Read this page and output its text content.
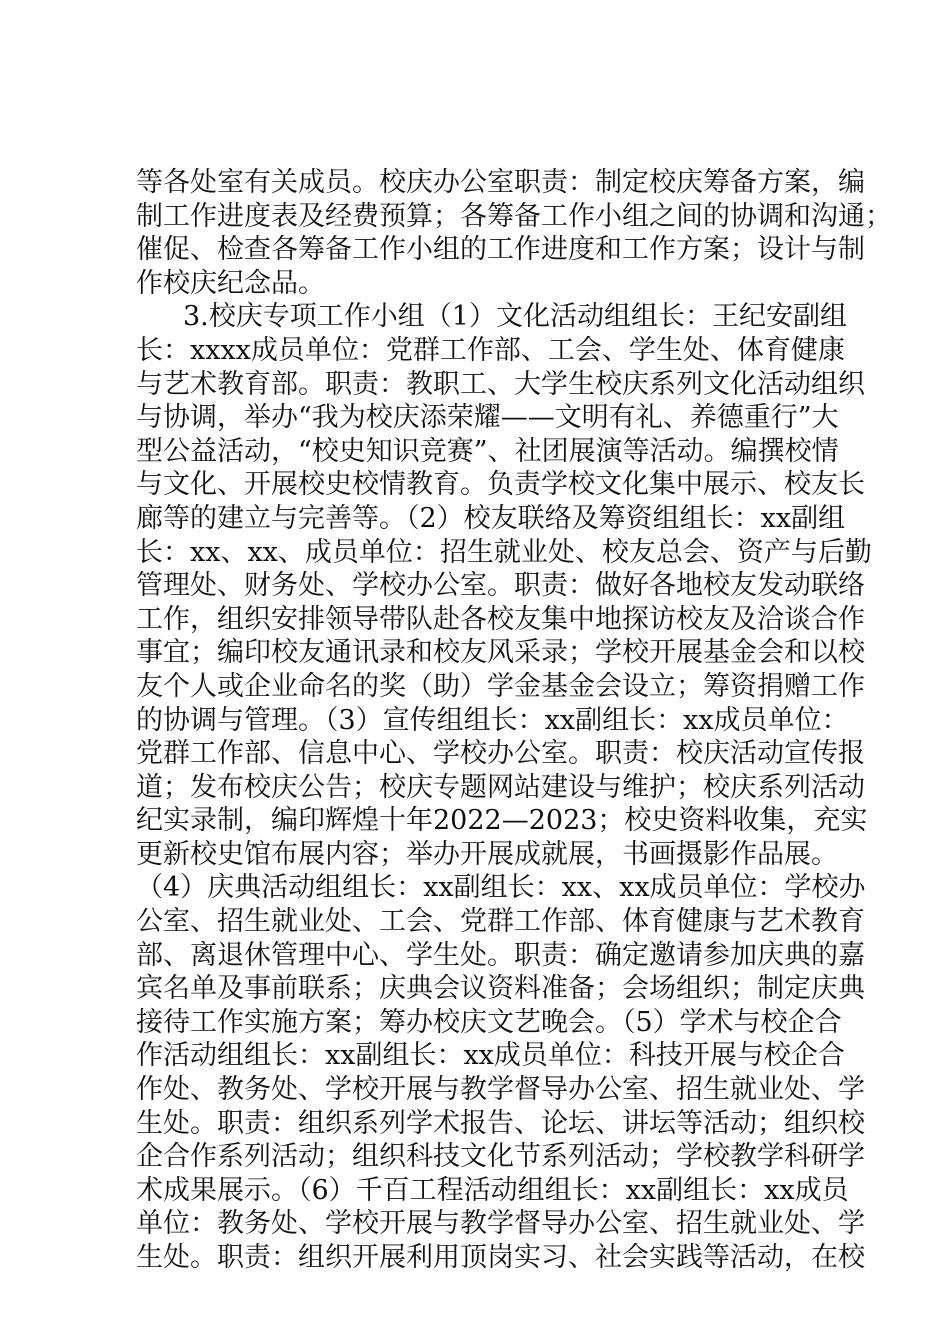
等各处室有关成员。校庆办公室职责：制定校庆筹备方案，编
制工作进度表及经费预算；各筹备工作小组之间的协调和沟通；
催促、检查各筹备工作小组的工作进度和工作方案；设计与制
作校庆纪念品。
3.校庆专项工作小组（1）文化活动组组长：王纪安副组
长：xxxx成员单位：党群工作部、工会、学生处、体育健康
与艺术教育部。职责：教职工、大学生校庆系列文化活动组织
与协调，举办“我为校庆添荣耀——文明有礼、养德重行”大
型公益活动，“校史知识竞赛”、社团展演等活动。编撰校情
与文化、开展校史校情教育。负责学校文化集中展示、校友长
廊等的建立与完善等。（2）校友联络及筹资组组长：xx副组
长：xx、xx、成员单位：招生就业处、校友总会、资产与后勤
管理处、财务处、学校办公室。职责：做好各地校友发动联络
工作，组织安排领导带队赴各校友集中地探访校友及洽谈合作
事宜；编印校友通讯录和校友风采录；学校开展基金会和以校
友个人或企业命名的奖（助）学金基金会设立；筹资捐赠工作
的协调与管理。（3）宣传组组长：xx副组长：xx成员单位：
党群工作部、信息中心、学校办公室。职责：校庆活动宣传报
道；发布校庆公告；校庆专题网站建设与维护；校庆系列活动
纪实录制，编印辉煌十年2022—2023；校史资料收集，充实
更新校史馆布展内容；举办开展成就展，书画摄影作品展。
（4）庆典活动组组长：xx副组长：xx、xx成员单位：学校办
公室、招生就业处、工会、党群工作部、体育健康与艺术教育
部、离退休管理中心、学生处。职责：确定邀请参加庆典的嘉
宾名单及事前联系；庆典会议资料准备；会场组织；制定庆典
接待工作实施方案；筹办校庆文艺晚会。（5）学术与校企合
作活动组组长：xx副组长：xx成员单位：科技开展与校企合
作处、教务处、学校开展与教学督导办公室、招生就业处、学
生处。职责：组织系列学术报告、论坛、讲坛等活动；组织校
企合作系列活动；组织科技文化节系列活动；学校教学科研学
术成果展示。（6）千百工程活动组组长：xx副组长：xx成员
单位：教务处、学校开展与教学督导办公室、招生就业处、学
生处。职责：组织开展利用顶岗实习、社会实践等活动，在校
